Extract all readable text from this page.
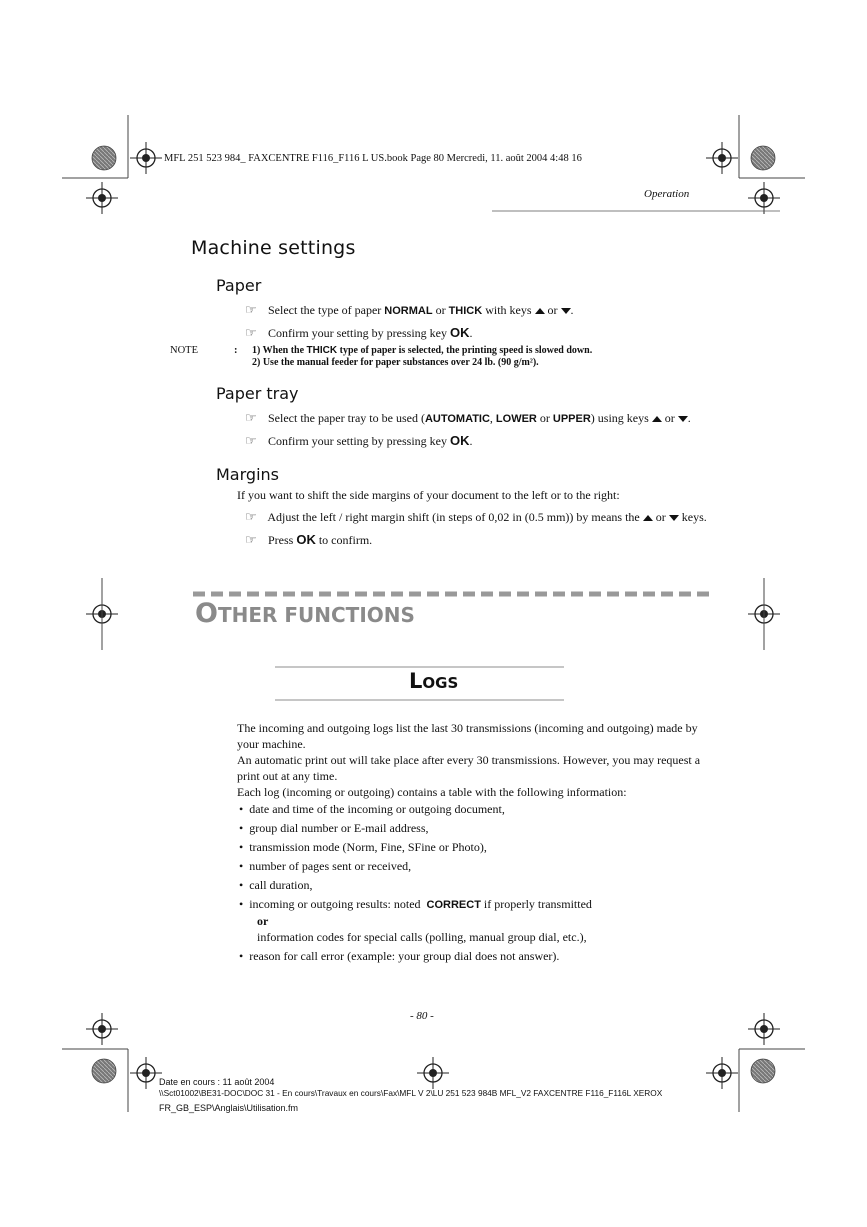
MFL 251 523 984_ FAXCENTRE F116_F116 L US.book Page 80 Mercredi, 11. août 2004 4:48 16
Operation
Machine settings
Paper
☞ Select the type of paper NORMAL or THICK with keys or .
☞ Confirm your setting by pressing key OK.
NOTE	: 1) When the THICK type of paper is selected, the printing speed is slowed down.
2) Use the manual feeder for paper substances over 24 lb. (90 g/m²).
Paper tray
☞ Select the paper tray to be used (AUTOMATIC, LOWER or UPPER) using keys or .
☞ Confirm your setting by pressing key OK.
Margins
If you want to shift the side margins of your document to the left or to the right:
☞ Adjust the left / right margin shift (in steps of 0,02 in (0.5 mm)) by means the or keys.
☞ Press OK to confirm.
OTHER FUNCTIONS
LOGS
The incoming and outgoing logs list the last 30 transmissions (incoming and outgoing) made by your machine.
An automatic print out will take place after every 30 transmissions. However, you may request a print out at any time.
Each log (incoming or outgoing) contains a table with the following information:
•  date and time of the incoming or outgoing document,
•  group dial number or E-mail address,
•  transmission mode (Norm, Fine, SFine or Photo),
•  number of pages sent or received,
•  call duration,
•  incoming or outgoing results: noted CORRECT if properly transmitted
or
information codes for special calls (polling, manual group dial, etc.),
•  reason for call error (example: your group dial does not answer).
- 80 -
Date en cours : 11 août 2004
\\Sct01002\BE31-DOC\DOC 31 - En cours\Travaux en cours\Fax\MFL V 2\LU 251 523 984B MFL_V2 FAXCENTRE F116_F116L XEROX
FR_GB_ESP\Anglais\Utilisation.fm
